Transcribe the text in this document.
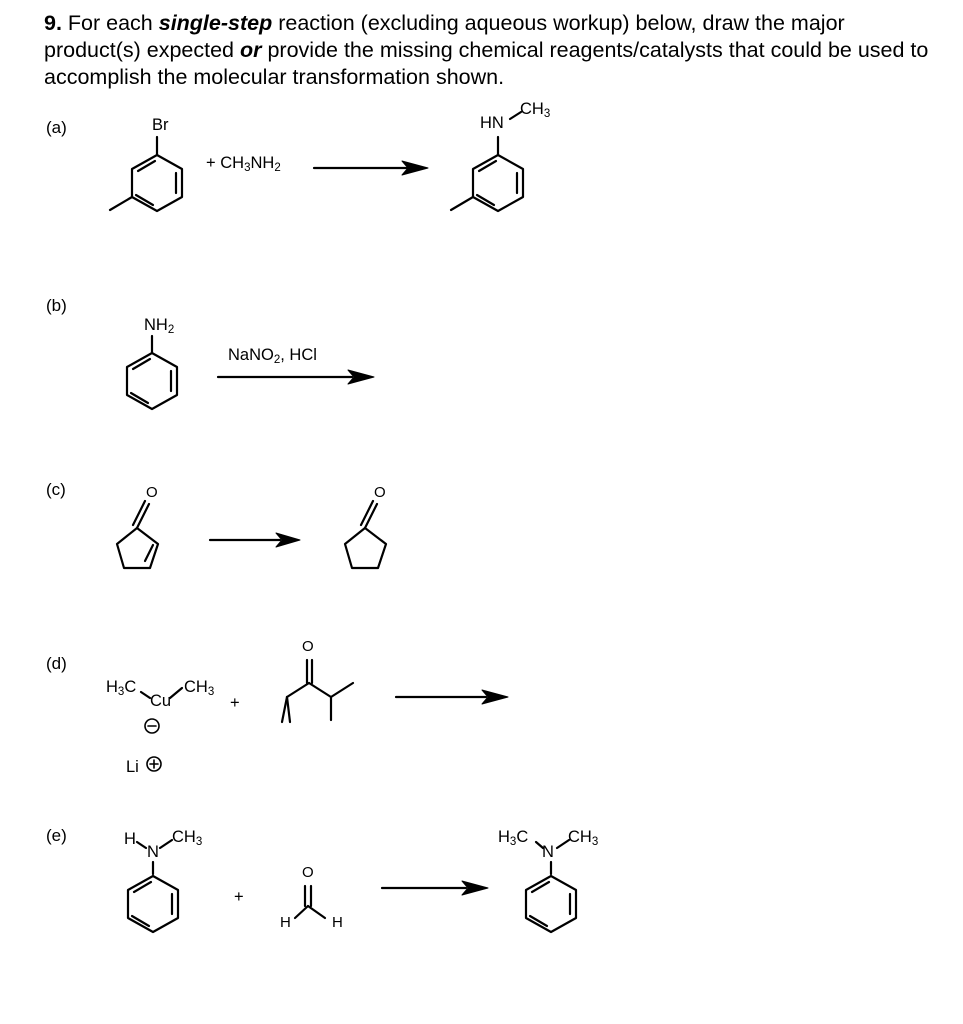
9. For each single-step reaction (excluding aqueous workup) below, draw the major product(s) expected or provide the missing chemical reagents/catalysts that could be used to accomplish the molecular transformation shown.
(a)
(b)
(c)
(d)
(e)
Br
+ $CH_3NH_2$
HN
$CH_3$
$NH_2$
NaNO$_2$, HCl
O	O
$H_3C$
Cu
$CH_3$
+
Li
O
H
N
$CH_3$
+
O
H	H
$H_3C$
N
$CH_3$
